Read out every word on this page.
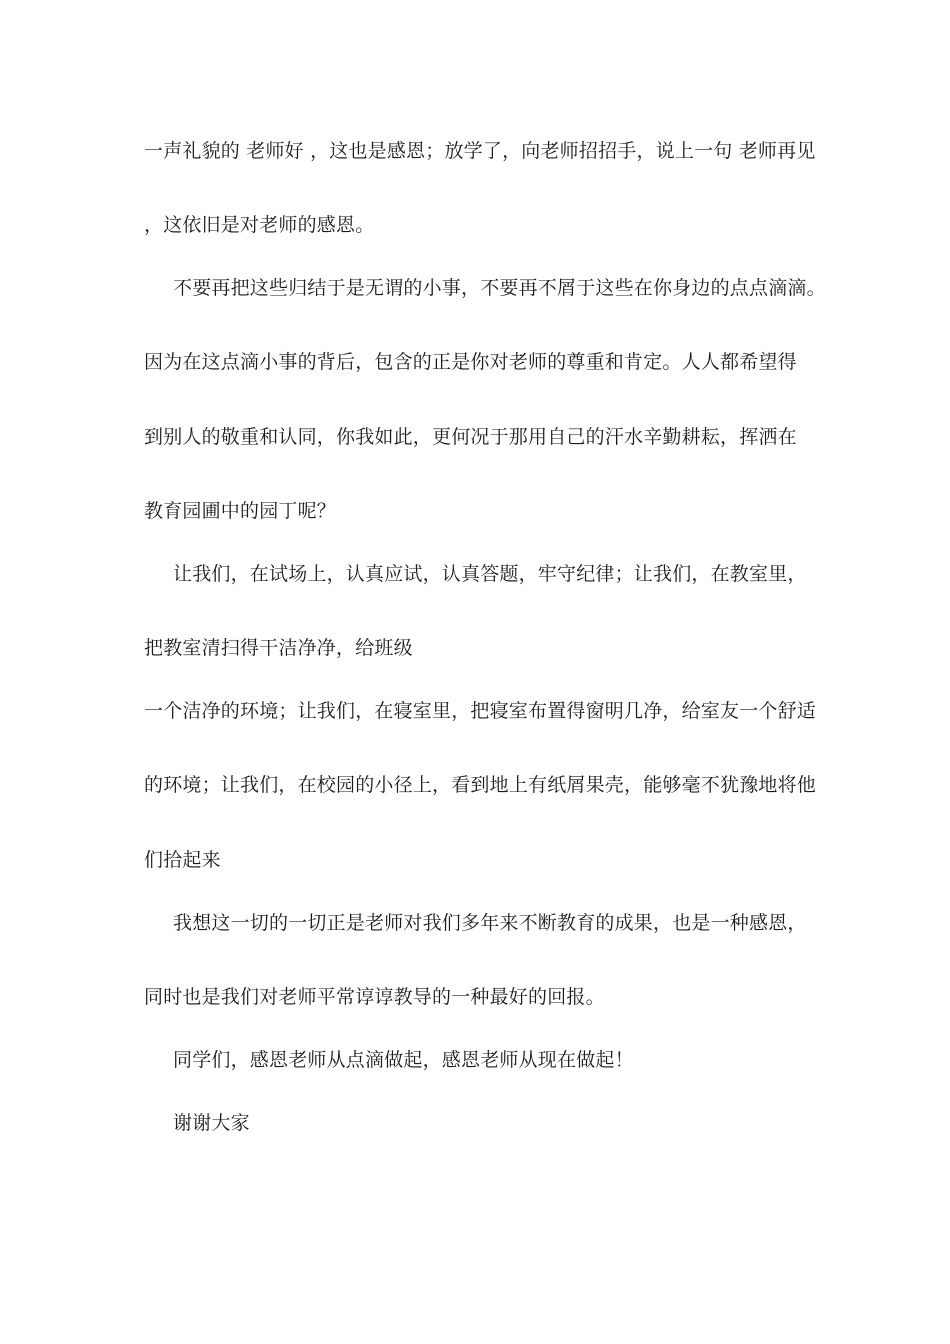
一声礼貌的 老师好 ，这也是感恩；放学了，向老师招招手，说上一句 老师再见
，这依旧是对老师的感恩。
不要再把这些归结于是无谓的小事，不要再不屑于这些在你身边的点点滴滴。
因为在这点滴小事的背后，包含的正是你对老师的尊重和肯定。人人都希望得
到别人的敬重和认同，你我如此，更何况于那用自己的汗水辛勤耕耘，挥洒在
教育园圃中的园丁呢？
让我们，在试场上，认真应试，认真答题，牢守纪律；让我们，在教室里，
把教室清扫得干洁净净，给班级
一个洁净的环境；让我们，在寝室里，把寝室布置得窗明几净，给室友一个舒适
的环境；让我们，在校园的小径上，看到地上有纸屑果壳，能够毫不犹豫地将他
们拾起来
我想这一切的一切正是老师对我们多年来不断教育的成果，也是一种感恩，
同时也是我们对老师平常谆谆教导的一种最好的回报。
同学们，感恩老师从点滴做起，感恩老师从现在做起！
谢谢大家
